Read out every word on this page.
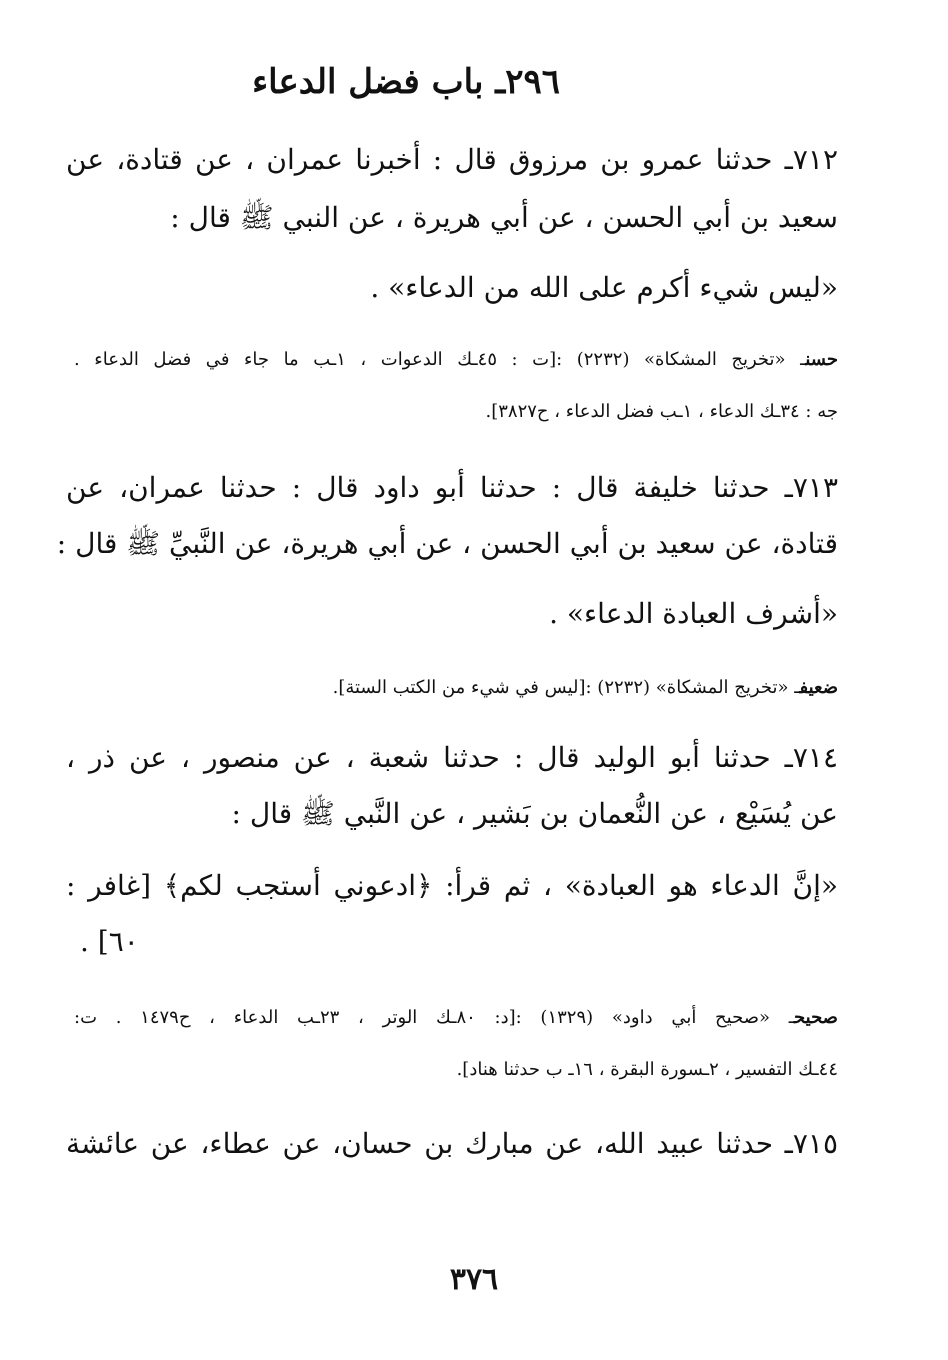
٢٩٦ـ باب فضل الدعاء

٧١٢ـ حدثنا عمرو بن مرزوق قال : أخبرنا عمران ، عن قتادة، عن

سعيد بن أبي الحسن ، عن أبي هريرة ، عن النبي ﷺ قال :

«ليس شيء أكرم على الله من الدعاء» .

حسنـ «تخريج المشكاة» (٢٢٣٢) :[ت : ٤٥ـك الدعوات ، ١ـب ما جاء في فضل الدعاء .

جه : ٣٤ـك الدعاء ، ١ـب فضل الدعاء ، ح٣٨٢٧].

٧١٣ـ حدثنا خليفة قال : حدثنا أبو داود قال : حدثنا عمران، عن

قتادة، عن سعيد بن أبي الحسن ، عن أبي هريرة، عن النَّبيِّ ﷺ قال :

«أشرف العبادة الدعاء» .

ضعيفـ «تخريج المشكاة» (٢٢٣٢) :[ليس في شيء من الكتب الستة].

٧١٤ـ حدثنا أبو الوليد قال : حدثنا شعبة ، عن منصور ، عن ذر ،

عن يُسَيْع ، عن النُّعمان بن بَشير ، عن النَّبي ﷺ قال :

«إنَّ الدعاء هو العبادة» ، ثم قرأ: ﴿ادعوني أستجب لكم﴾ [غافر :

٦٠] .

صحيحـ «صحيح أبي داود» (١٣٢٩) :[د: ٨٠ـك الوتر ، ٢٣ـب الدعاء ، ح١٤٧٩ . ت:

٤٤ـك التفسير ، ٢ـسورة البقرة ، ١٦ـ ب حدثنا هناد].

٧١٥ـ حدثنا عبيد الله، عن مبارك بن حسان، عن عطاء، عن عائشة

٣٧٦
